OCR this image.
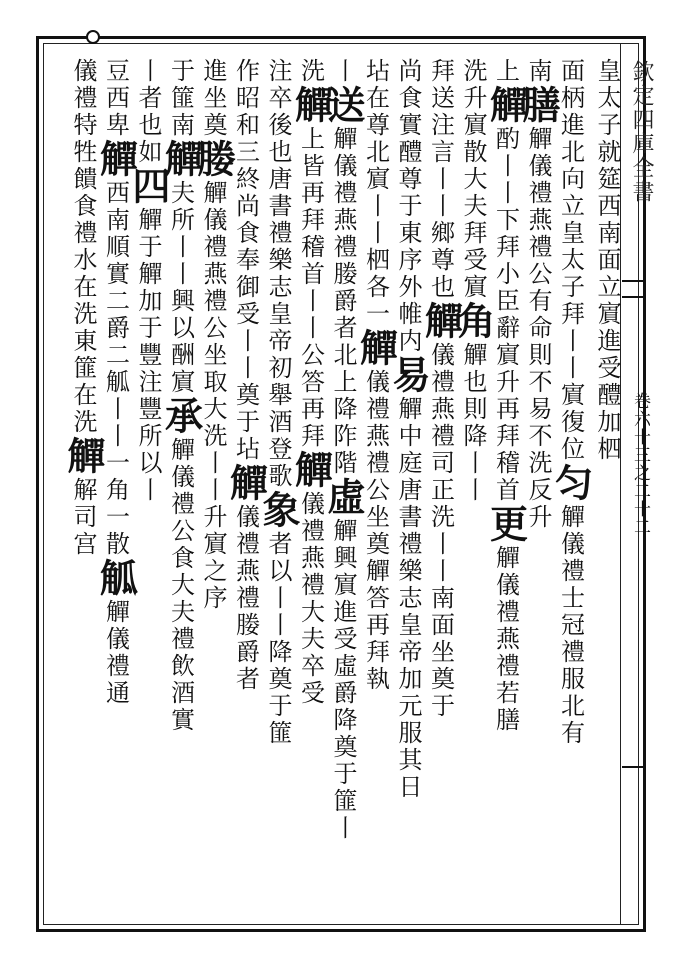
欽定四庫全書
卷六十三之二十二
皇太子就筵西南面立賔進受醴加柶
面柄進北向立皇太子拜丨丨賔復位匀觶儀禮士冠禮服北有
南膳觶儀禮燕禮公有命則不易不洗反升
上觶酌丨丨下拜小臣辭賔升再拜稽首更觶儀禮燕禮若膳
洗升賔散大夫拜受賔角觶也則降丨丨
拜送注言丨丨鄉尊也觶儀禮燕禮司正洗丨丨南面坐奠于
尚食實醴尊于東序外帷内易觶中庭唐書禮樂志皇帝加元服其日
坫在尊北賔丨丨柶各一觶儀禮燕禮公坐奠觶答再拜執
丨送觶儀禮燕禮媵爵者北上降阼階虛觶興賔進受虛爵降奠于篚丨
洗觶上皆再拜稽首丨丨公答再拜觶儀禮燕禮大夫卒受
注卒後也唐書禮樂志皇帝初舉酒登歌象者以丨丨降奠于篚
作昭和三終尚食奉御受丨丨奠于坫觶儀禮燕禮媵爵者
進坐奠媵觶儀禮燕禮公坐取大洗丨丨升賔之序
于篚南觶夫所丨丨興以酬賔承觶儀禮公食大夫禮飲酒實
丨者也如四觶于觶加于豐注豐所以丨
豆西卑觶西南順實二爵二觚丨丨一角一散觚觶儀禮通
儀禮特牲饋食禮水在洗東篚在洗觶解司宫
